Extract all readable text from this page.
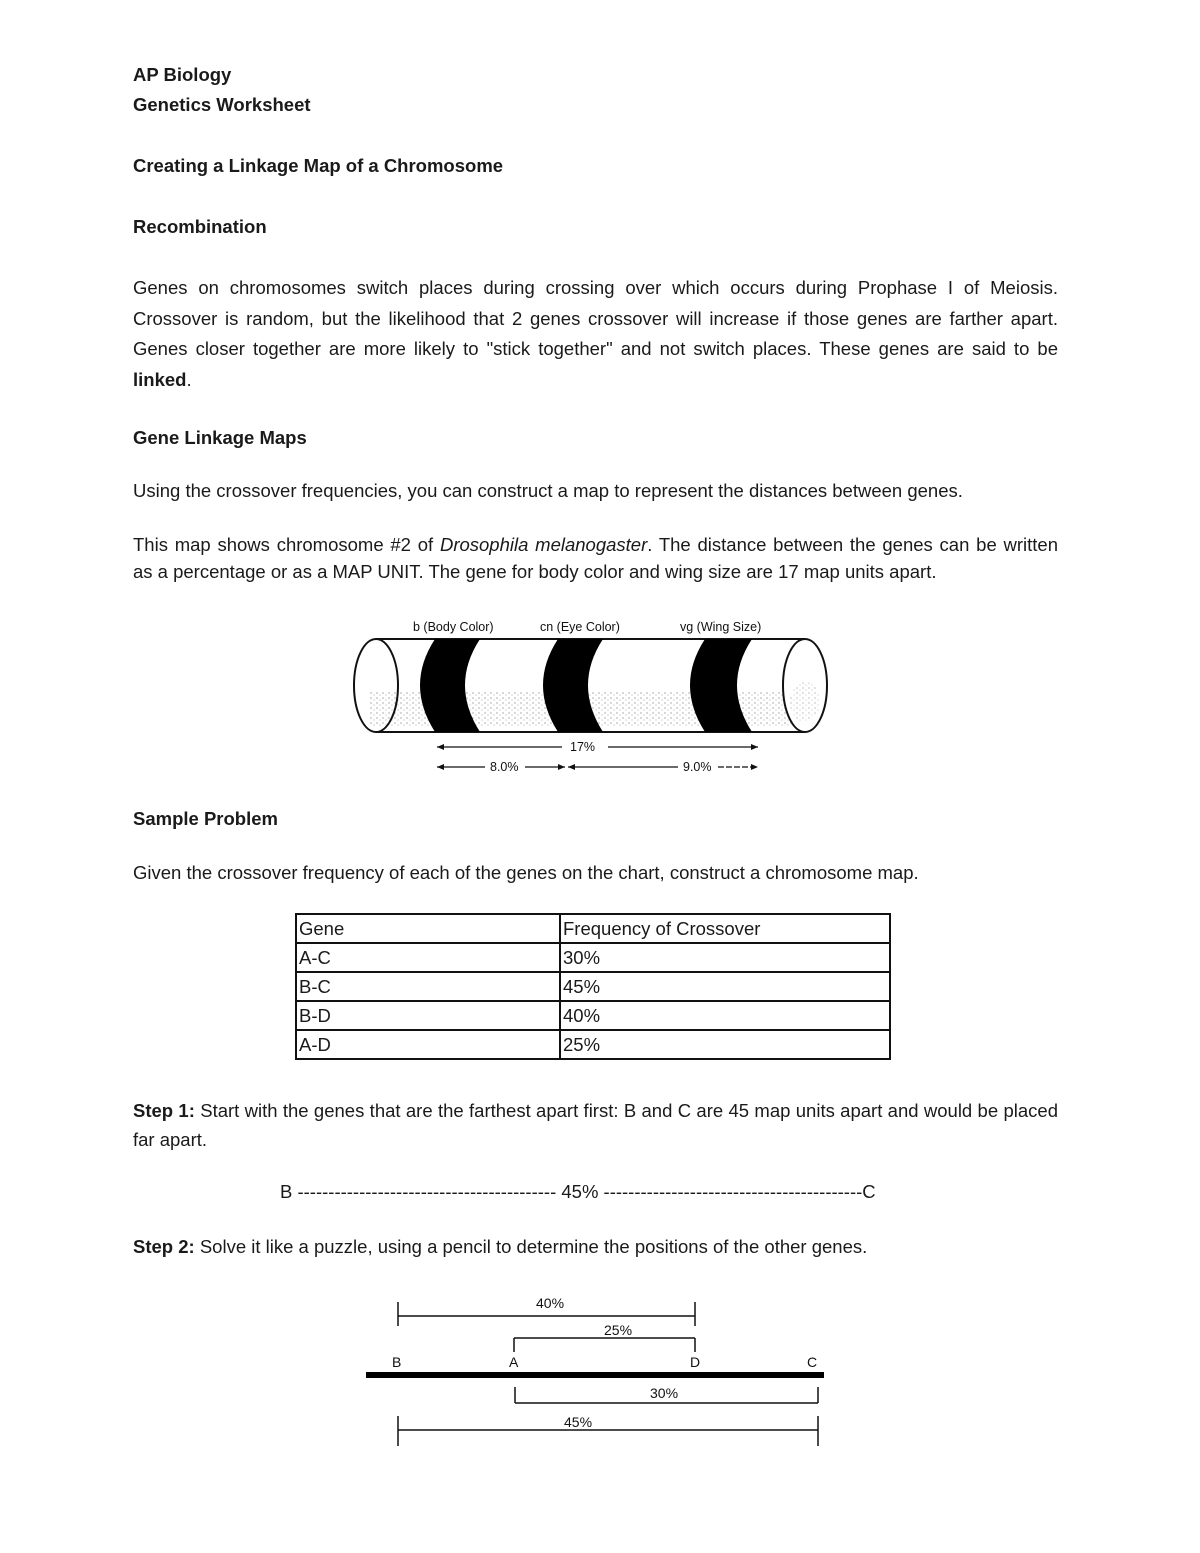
AP Biology
Genetics Worksheet
Creating a Linkage Map of a Chromosome
Recombination
Genes on chromosomes switch places during crossing over which occurs during Prophase I of Meiosis. Crossover is random, but the likelihood that 2 genes crossover will increase if those genes are farther apart. Genes closer together are more likely to "stick together" and not switch places. These genes are said to be linked.
Gene Linkage Maps
Using the crossover frequencies, you can construct a map to represent the distances between genes.
This map shows chromosome #2 of Drosophila melanogaster. The distance between the genes can be written as a percentage or as a MAP UNIT. The gene for body color and wing size are 17 map units apart.
b (Body Color)	cn (Eye Color)	vg (Wing Size)
17%
8.0%	9.0%
Sample Problem
Given the crossover frequency of each of the genes on the chart, construct a chromosome map.
Gene	Frequency of Crossover
A-C	30%
B-C	45%
B-D	40%
A-D	25%
Step 1: Start with the genes that are the farthest apart first: B and C are 45 map units apart and would be placed far apart.
B ------------------------------------------ 45% ------------------------------------------C
Step 2: Solve it like a puzzle, using a pencil to determine the positions of the other genes.
40%
25%
B	A	D	C
30%
45%
